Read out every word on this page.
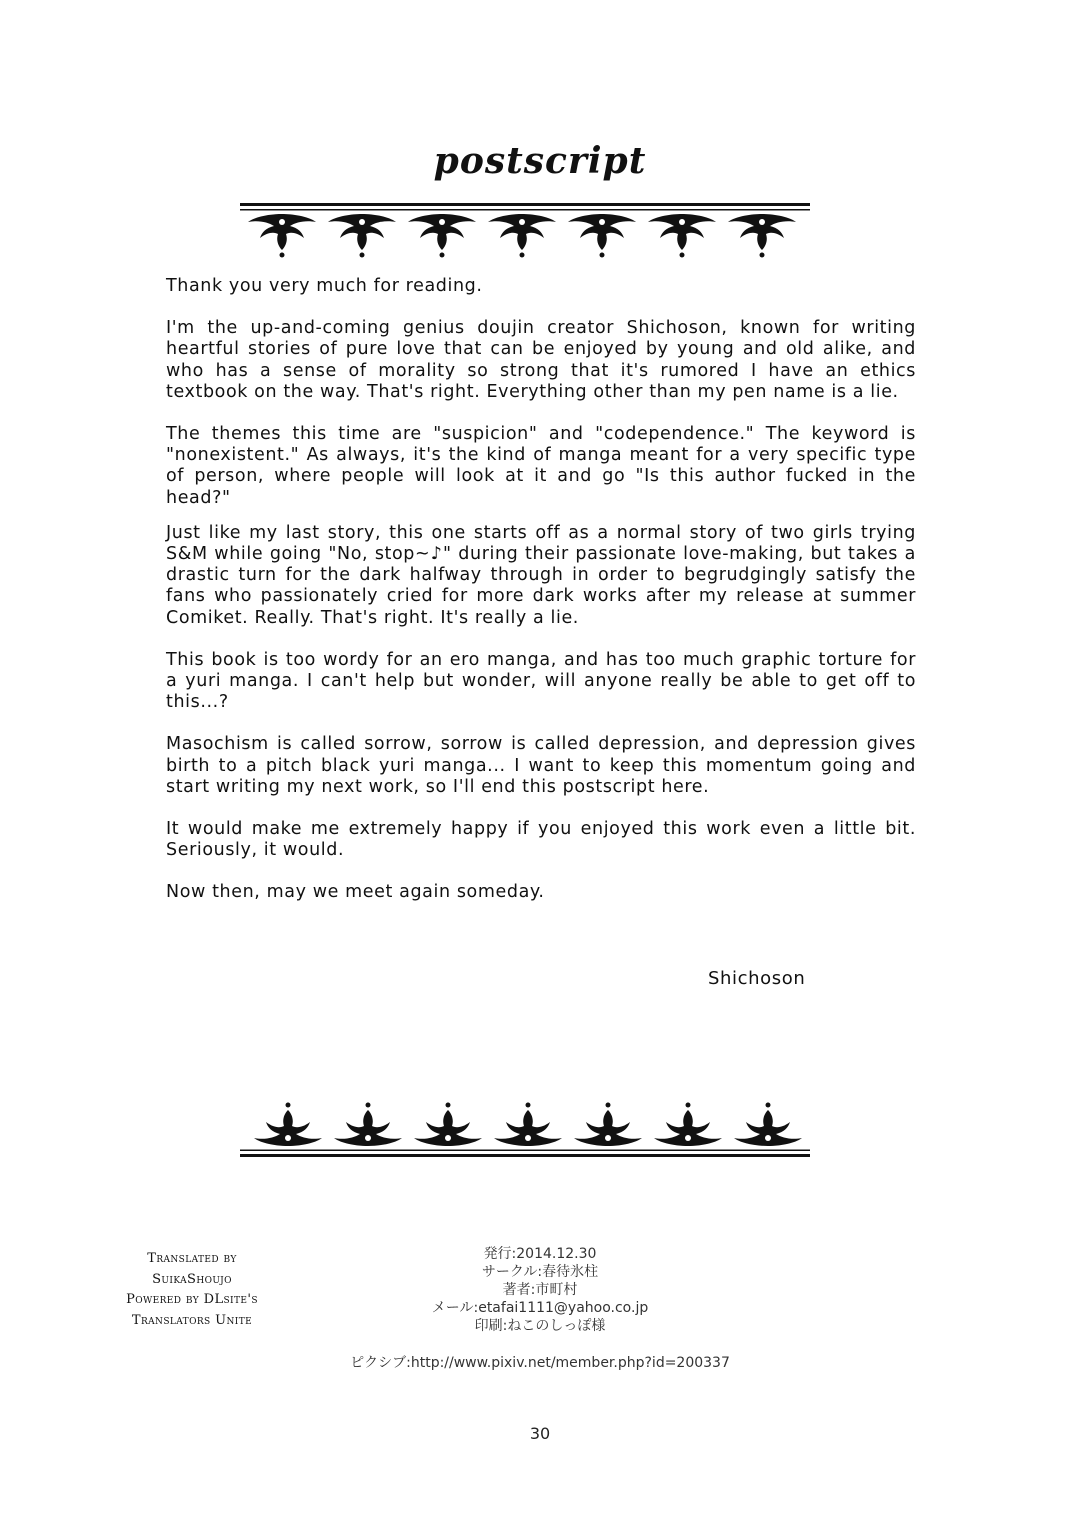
postscript

Thank you very much for reading.

I'm the up-and-coming genius doujin creator Shichoson, known for writing heartful stories of pure love that can be enjoyed by young and old alike, and who has a sense of morality so strong that it's rumored I have an ethics textbook on the way. That's right. Everything other than my pen name is a lie.

The themes this time are "suspicion" and "codependence." The keyword is "nonexistent." As always, it's the kind of manga meant for a very specific type of person, where people will look at it and go "Is this author fucked in the head?"

Just like my last story, this one starts off as a normal story of two girls trying S&M while going "No, stop~♪" during their passionate love-making, but takes a drastic turn for the dark halfway through in order to begrudgingly satisfy the fans who passionately cried for more dark works after my release at summer Comiket. Really. That's right. It's really a lie.

This book is too wordy for an ero manga, and has too much graphic torture for a yuri manga. I can't help but wonder, will anyone really be able to get off to this...?

Masochism is called sorrow, sorrow is called depression, and depression gives birth to a pitch black yuri manga... I want to keep this momentum going and start writing my next work, so I'll end this postscript here.

It would make me extremely happy if you enjoyed this work even a little bit. Seriously, it would.

Now then, may we meet again someday.

Shichoson
Translated by
SuikaShoujo
Powered by DLsite's
Translators Unite
発行:2014.12.30
サークル:春待氷柱
著者:市町村
メール:etafai1111@yahoo.co.jp
印刷:ねこのしっぽ様
ピクシブ:http://www.pixiv.net/member.php?id=200337
30
